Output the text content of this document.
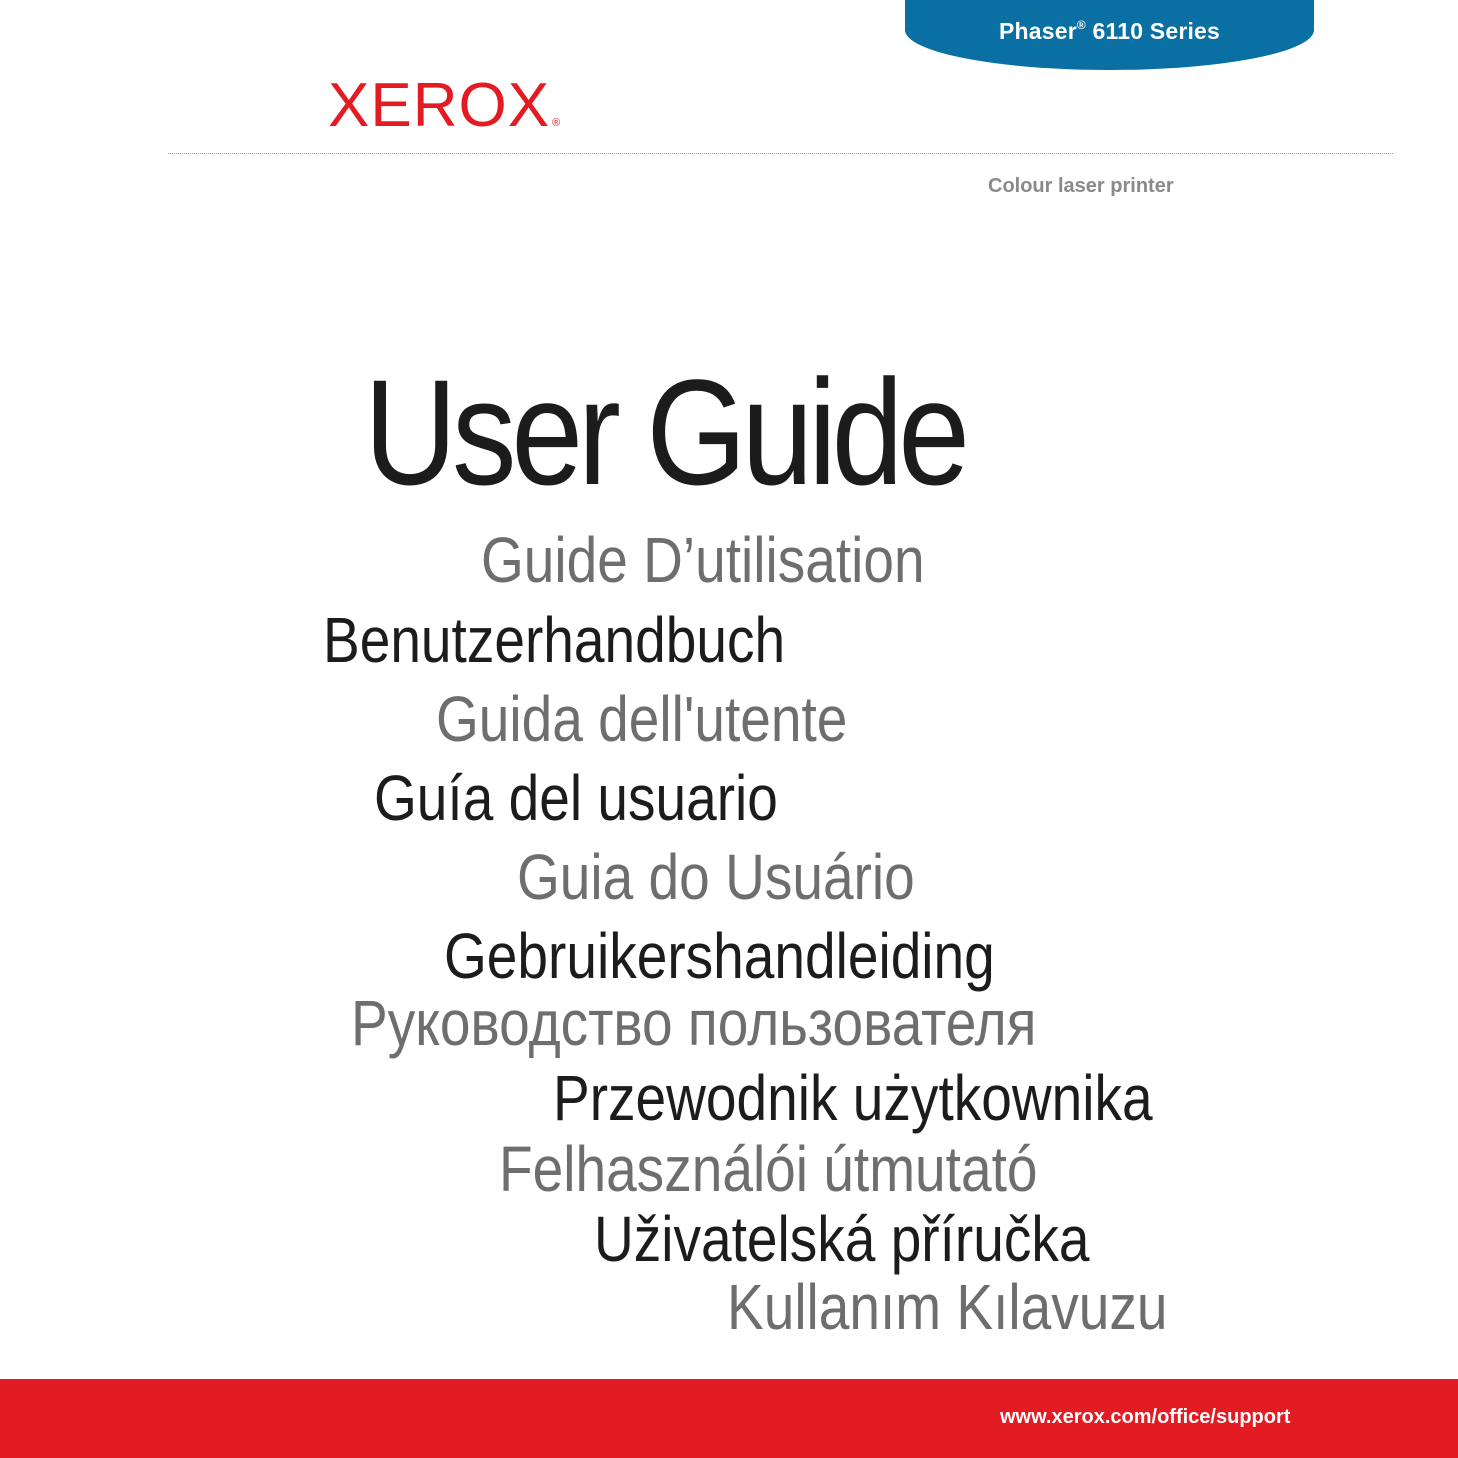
Phaser® 6110 Series
XEROX ®
Colour laser printer
User Guide
Guide D’utilisation
Benutzerhandbuch
Guida dell'utente
Guía del usuario
Guia do Usuário
Gebruikershandleiding
Руководство пользователя
Przewodnik użytkownika
Felhasználói útmutató
Uživatelská příručka
Kullanım Kılavuzu
www.xerox.com/office/support
